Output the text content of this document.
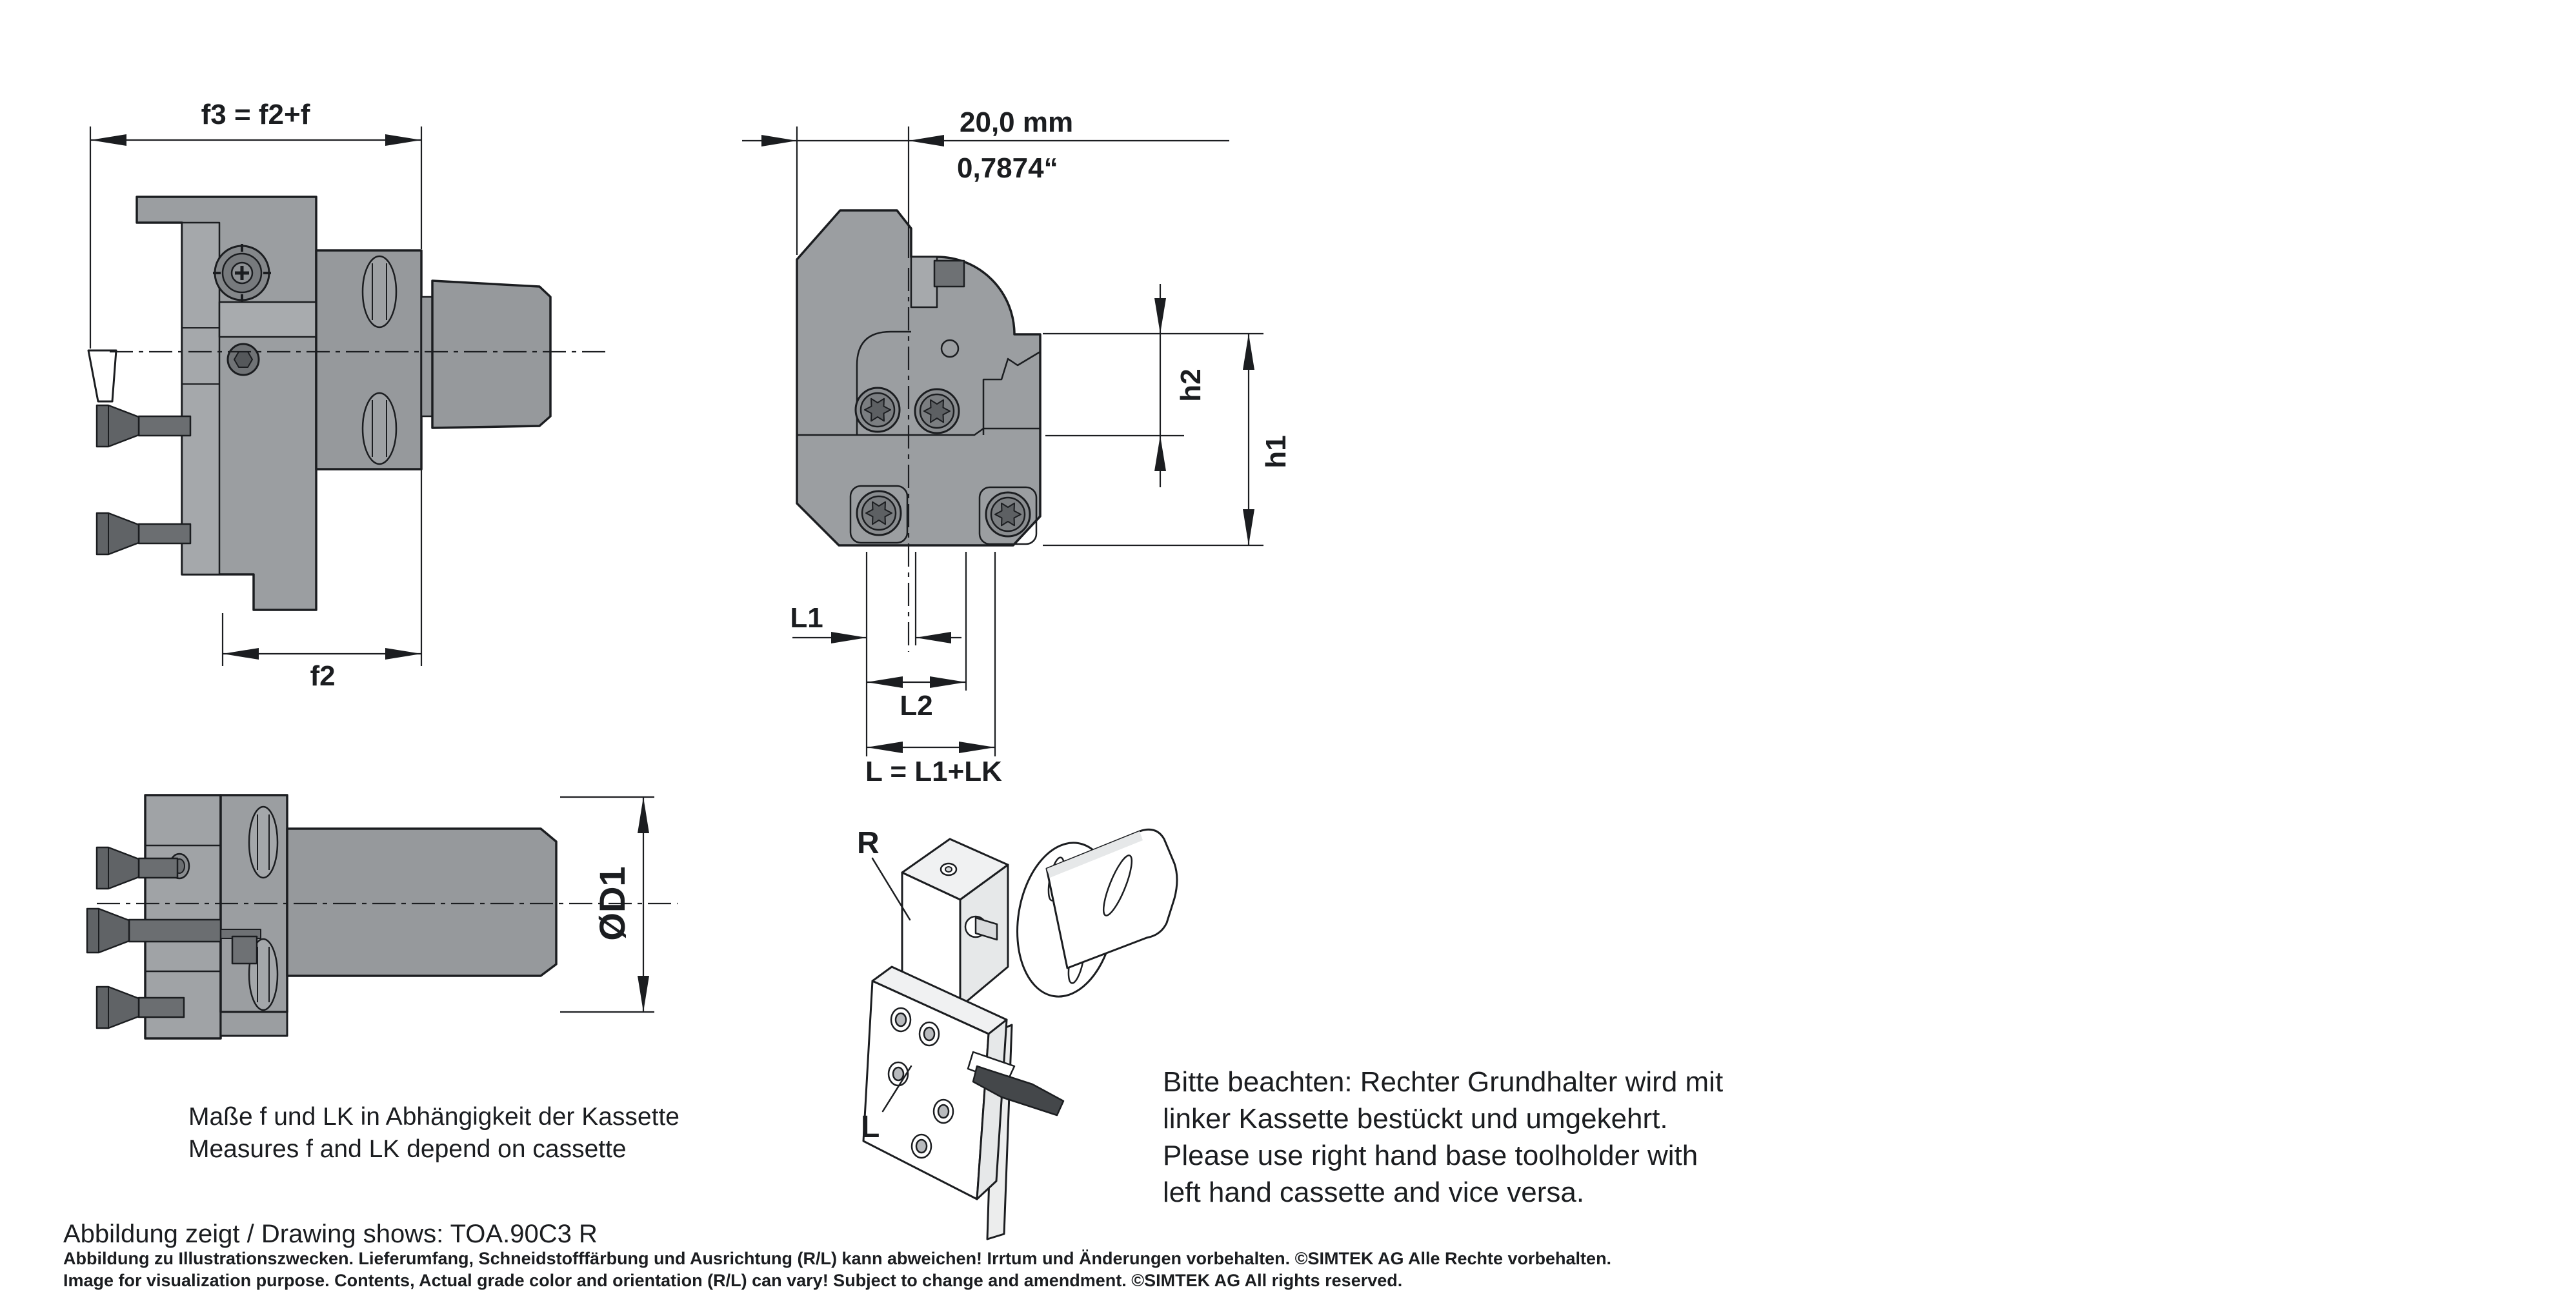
f3 = f2+f
f2
20,0 mm
0,7874“
h2
h1
L1
L2
L = L1+LK
ØD1
R
L
Maße f und LK in Abhängigkeit der Kassette
Measures f and LK depend on cassette
Bitte beachten: Rechter Grundhalter wird mit
linker Kassette bestückt und umgekehrt.
Please use right hand base toolholder with
left hand cassette and vice versa.
Abbildung zeigt / Drawing shows: TOA.90C3 R
Abbildung zu Illustrationszwecken. Lieferumfang, Schneidstofffärbung und Ausrichtung (R/L) kann abweichen! Irrtum und Änderungen vorbehalten. ©SIMTEK AG Alle Rechte vorbehalten.
Image for visualization purpose. Contents, Actual grade color and orientation (R/L) can vary! Subject to change and amendment. ©SIMTEK AG All rights reserved.
